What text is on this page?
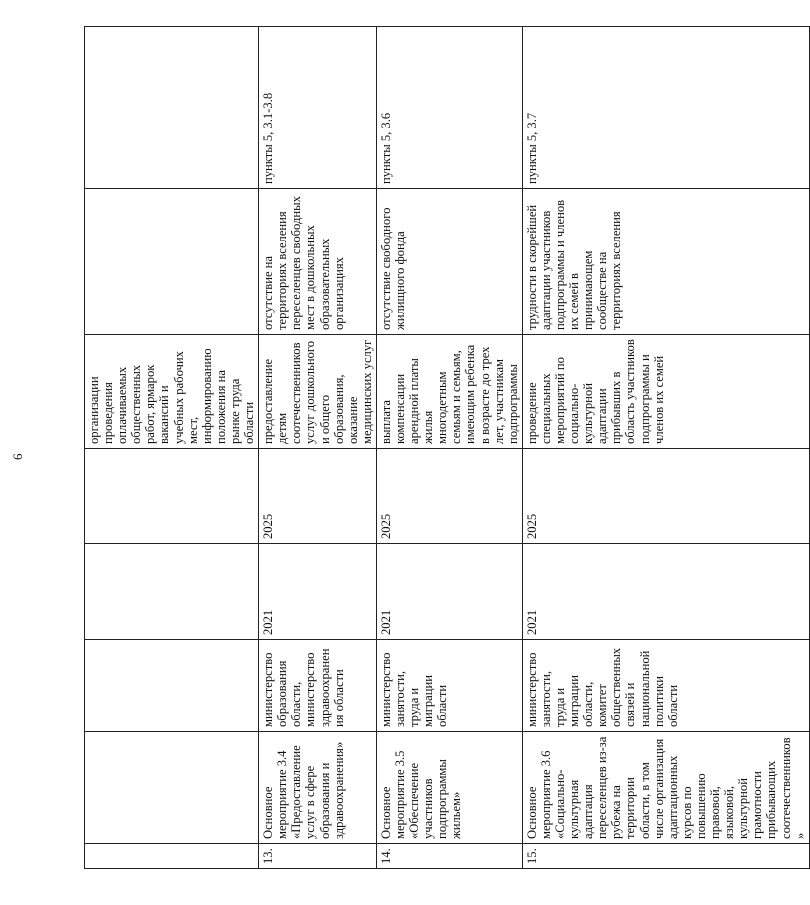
6
					организации проведения оплачиваемых общественных работ, ярмарок вакансий и учебных рабочих мест, информированию положения на рынке труда области		
13.	Основное мероприятие 3.4 «Предоставление услуг в сфере образования и здравоохранения»	министерство образования области, министерство здравоохранения области	2021	2025	предоставление детям соотечественников услуг дошкольного и общего образования, оказание медицинских услуг	отсутствие на территориях вселения переселенцев свободных мест в дошкольных образовательных организациях	пункты 5, 3.1-3.8
14.	Основное мероприятие 3.5 «Обеспечение участников подпрограммы жильем»	министерство занятости, труда и миграции области	2021	2025	выплата компенсации арендной платы жилья многодетным семьям и семьям, имеющим ребенка в возрасте до трех лет, участникам подпрограммы	отсутствие свободного жилищного фонда	пункты 5, 3.6
15.	Основное мероприятие 3.6 «Социально-культурная адаптация переселенцев из-за рубежа на территории области, в том числе организация адаптационных курсов по повышению правовой, языковой, культурной грамотности прибывающих соотечественников»	министерство занятости, труда и миграции области, комитет общественных связей и национальной политики области	2021	2025	проведение специальных мероприятий по социально-культурной адаптации прибывших в область участников подпрограммы и членов их семей	трудности в скорейшей адаптации участников подпрограммы и членов их семей в принимающем сообществе на территориях вселения	пункты 5, 3.7
